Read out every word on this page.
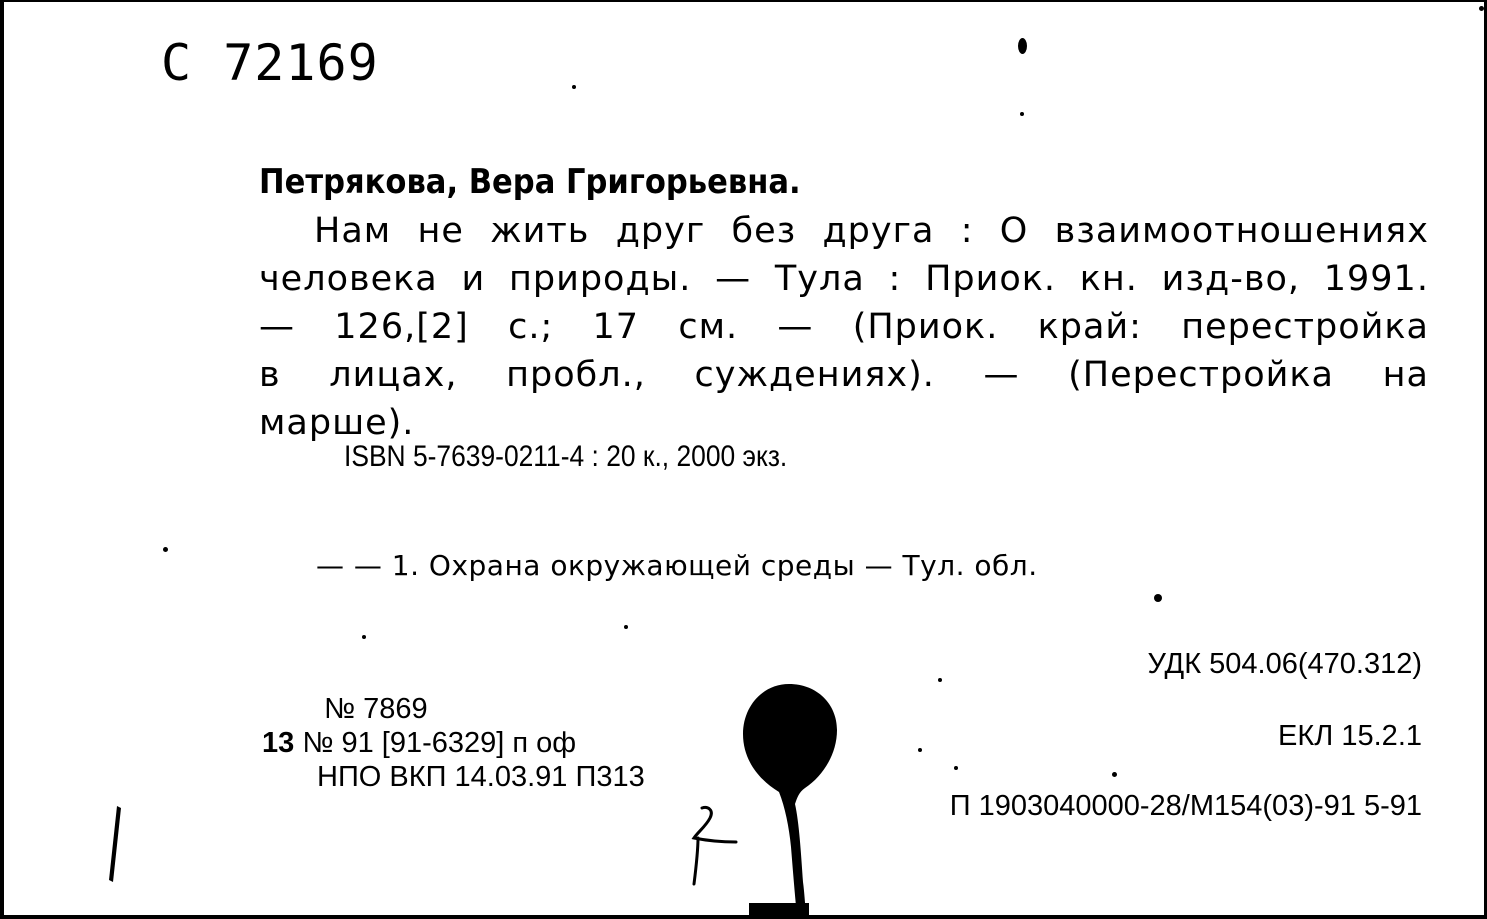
С 72169
Петрякова, Вера Григорьевна.
Нам не жить друг без друга : О взаимоотношениях
человека и природы. — Тула : Приок. кн. изд-во, 1991.
— 126,[2] с.; 17 см. — (Приок. край: перестройка
в лицах, пробл., суждениях). — (Перестройка на
марше).
ISBN 5-7639-0211-4 : 20 к., 2000 экз.
— — 1. Охрана окружающей среды — Тул. обл.
УДК 504.06(470.312)
ЕКЛ 15.2.1
П 1903040000-28/М154(03)-91 5-91
№ 7869
13 № 91 [91-6329] п оф
НПО ВКП 14.03.91 П313
